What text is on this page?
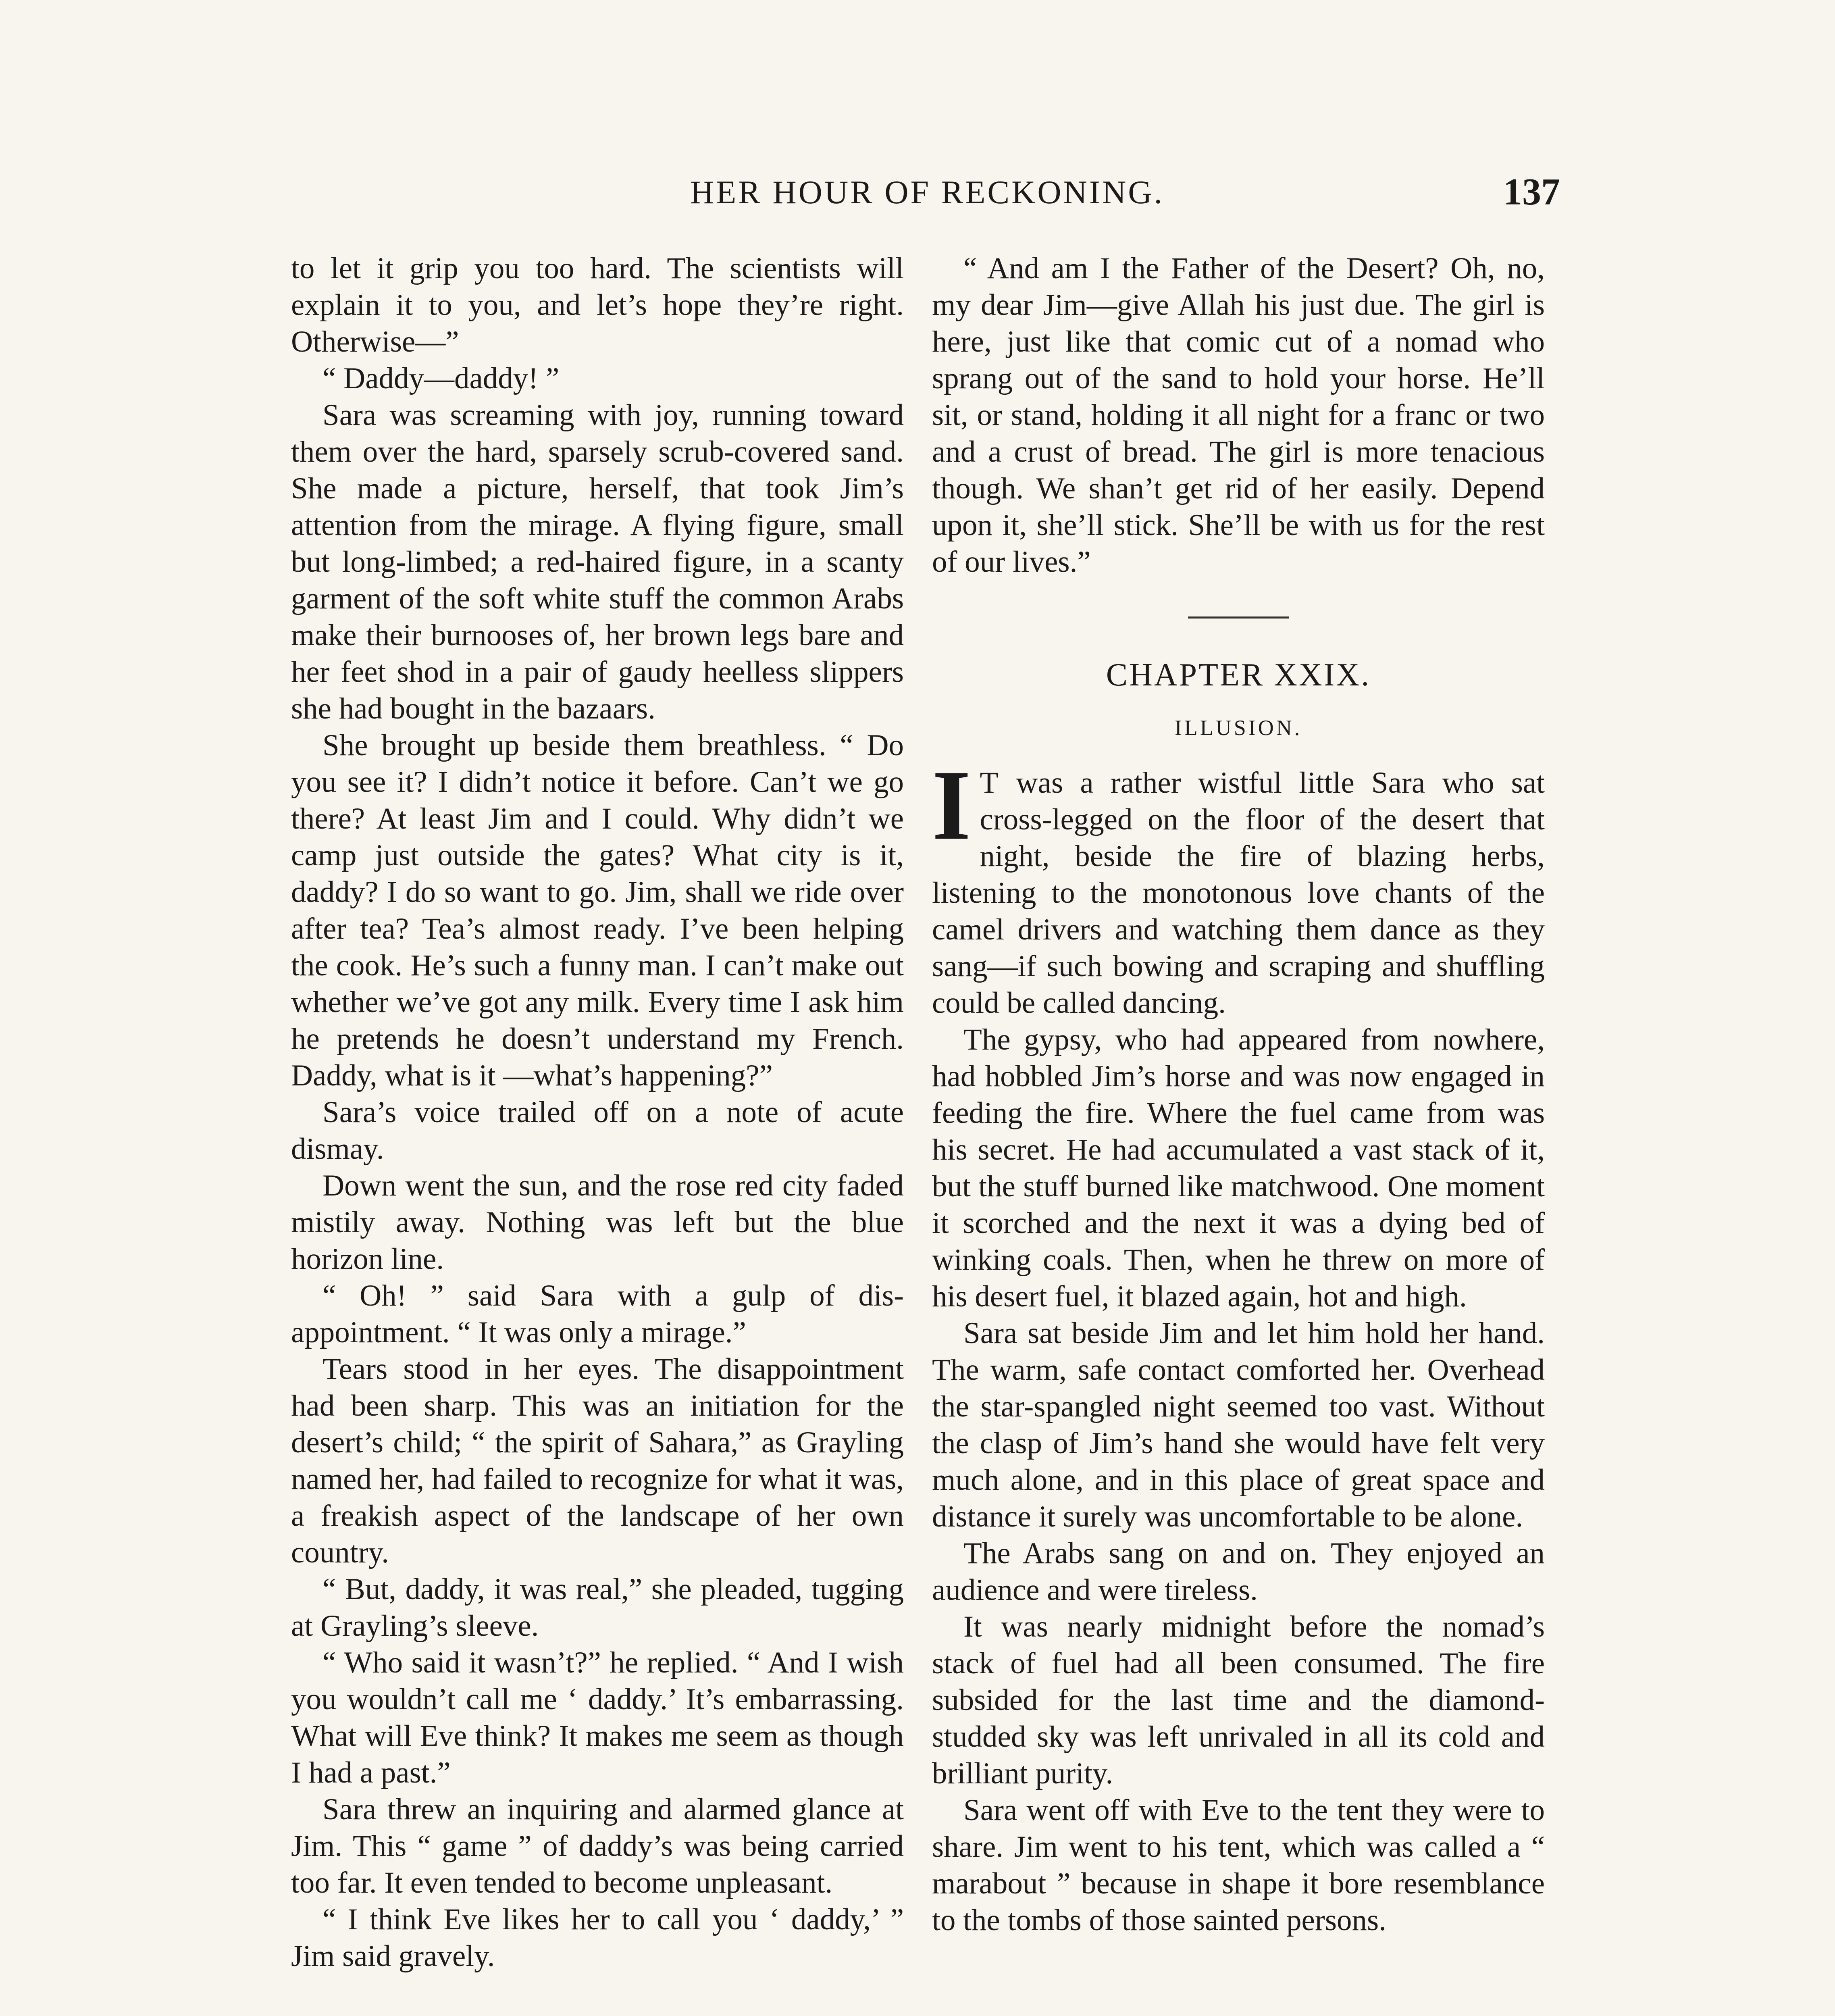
HER HOUR OF RECKONING.	137

to let it grip you too hard. The scientists will explain it to you, and let’s hope they’re right. Otherwise—”

“ Daddy—daddy! ”

Sara was screaming with joy, running toward them over the hard, sparsely scrub-covered sand. She made a picture, herself, that took Jim’s attention from the mirage. A flying figure, small but long-limbed; a red-haired figure, in a scanty garment of the soft white stuff the common Arabs make their burnooses of, her brown legs bare and her feet shod in a pair of gaudy heelless slippers she had bought in the bazaars.

She brought up beside them breathless. “ Do you see it? I didn’t notice it before. Can’t we go there? At least Jim and I could. Why didn’t we camp just outside the gates? What city is it, daddy? I do so want to go. Jim, shall we ride over after tea? Tea’s almost ready. I’ve been helping the cook. He’s such a funny man. I can’t make out whether we’ve got any milk. Every time I ask him he pretends he doesn’t understand my French. Daddy, what is it —what’s happening?”

Sara’s voice trailed off on a note of acute dismay.

Down went the sun, and the rose red city faded mistily away. Nothing was left but the blue horizon line.

“ Oh! ” said Sara with a gulp of disappointment. “ It was only a mirage.”

Tears stood in her eyes. The disappointment had been sharp. This was an initiation for the desert’s child; “ the spirit of Sahara,” as Grayling named her, had failed to recognize for what it was, a freakish aspect of the landscape of her own country.

“ But, daddy, it was real,” she pleaded, tugging at Grayling’s sleeve.

“ Who said it wasn’t?” he replied. “ And I wish you wouldn’t call me ‘ daddy.’ It’s embarrassing. What will Eve think? It makes me seem as though I had a past.”

Sara threw an inquiring and alarmed glance at Jim. This “ game ” of daddy’s was being carried too far. It even tended to become unpleasant.

“ I think Eve likes her to call you ‘ daddy,’ ” Jim said gravely.

“ And am I the Father of the Desert? Oh, no, my dear Jim—give Allah his just due. The girl is here, just like that comic cut of a nomad who sprang out of the sand to hold your horse. He’ll sit, or stand, holding it all night for a franc or two and a crust of bread. The girl is more tenacious though. We shan’t get rid of her easily. Depend upon it, she’ll stick. She’ll be with us for the rest of our lives.”

CHAPTER XXIX.
ILLUSION.

I T was a rather wistful little Sara who sat cross-legged on the floor of the desert that night, beside the fire of blazing herbs, listening to the monotonous love chants of the camel drivers and watching them dance as they sang—if such bowing and scraping and shuffling could be called dancing.

The gypsy, who had appeared from nowhere, had hobbled Jim’s horse and was now engaged in feeding the fire. Where the fuel came from was his secret. He had accumulated a vast stack of it, but the stuff burned like matchwood. One moment it scorched and the next it was a dying bed of winking coals. Then, when he threw on more of his desert fuel, it blazed again, hot and high.

Sara sat beside Jim and let him hold her hand. The warm, safe contact comforted her. Overhead the star-spangled night seemed too vast. Without the clasp of Jim’s hand she would have felt very much alone, and in this place of great space and distance it surely was uncomfortable to be alone.

The Arabs sang on and on. They enjoyed an audience and were tireless.

It was nearly midnight before the nomad’s stack of fuel had all been consumed. The fire subsided for the last time and the diamond-studded sky was left unrivaled in all its cold and brilliant purity.

Sara went off with Eve to the tent they were to share. Jim went to his tent, which was called a “ marabout ” because in shape it bore resemblance to the tombs of those sainted persons.
